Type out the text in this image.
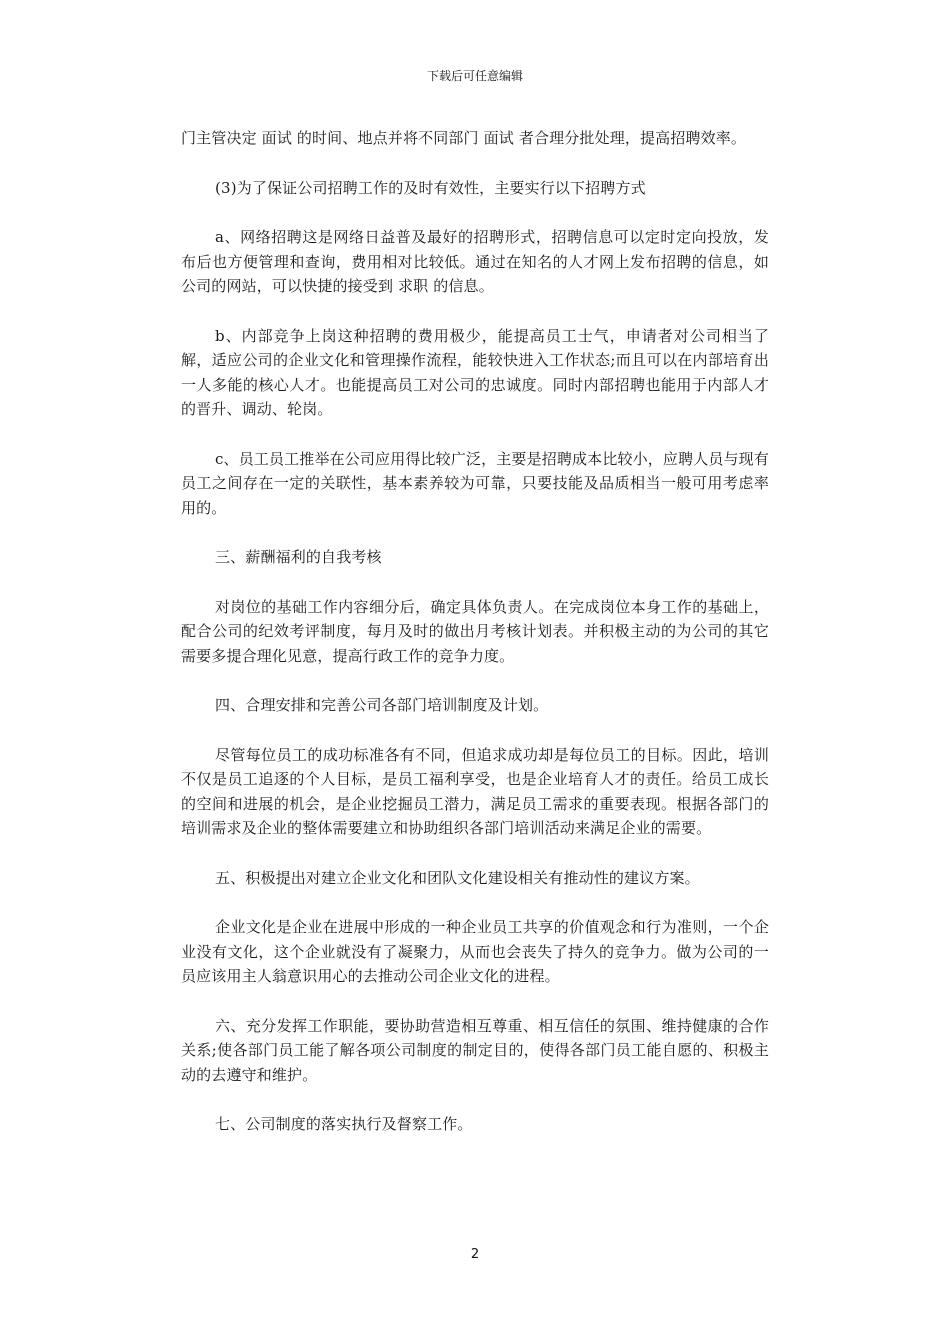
下载后可任意编辑

门主管决定 面试 的时间、地点并将不同部门 面试 者合理分批处理，提高招聘效率。

(3)为了保证公司招聘工作的及时有效性，主要实行以下招聘方式

a、网络招聘这是网络日益普及最好的招聘形式，招聘信息可以定时定向投放，发布后也方便管理和查询，费用相对比较低。通过在知名的人才网上发布招聘的信息，如公司的网站，可以快捷的接受到 求职 的信息。

b、内部竞争上岗这种招聘的费用极少，能提高员工士气，申请者对公司相当了解，适应公司的企业文化和管理操作流程，能较快进入工作状态;而且可以在内部培育出一人多能的核心人才。也能提高员工对公司的忠诚度。同时内部招聘也能用于内部人才的晋升、调动、轮岗。

c、员工员工推举在公司应用得比较广泛，主要是招聘成本比较小，应聘人员与现有员工之间存在一定的关联性，基本素养较为可靠，只要技能及品质相当一般可用考虑率用的。

三、薪酬福利的自我考核

对岗位的基础工作内容细分后，确定具体负责人。在完成岗位本身工作的基础上，配合公司的纪效考评制度，每月及时的做出月考核计划表。并积极主动的为公司的其它需要多提合理化见意，提高行政工作的竞争力度。

四、合理安排和完善公司各部门培训制度及计划。

尽管每位员工的成功标准各有不同，但追求成功却是每位员工的目标。因此，培训不仅是员工追逐的个人目标，是员工福利享受，也是企业培育人才的责任。给员工成长的空间和进展的机会，是企业挖掘员工潜力，满足员工需求的重要表现。根据各部门的培训需求及企业的整体需要建立和协助组织各部门培训活动来满足企业的需要。

五、积极提出对建立企业文化和团队文化建设相关有推动性的建议方案。

企业文化是企业在进展中形成的一种企业员工共享的价值观念和行为准则，一个企业没有文化，这个企业就没有了凝聚力，从而也会丧失了持久的竞争力。做为公司的一员应该用主人翁意识用心的去推动公司企业文化的进程。

六、充分发挥工作职能，要协助营造相互尊重、相互信任的氛围、维持健康的合作关系;使各部门员工能了解各项公司制度的制定目的，使得各部门员工能自愿的、积极主动的去遵守和维护。

七、公司制度的落实执行及督察工作。

2
